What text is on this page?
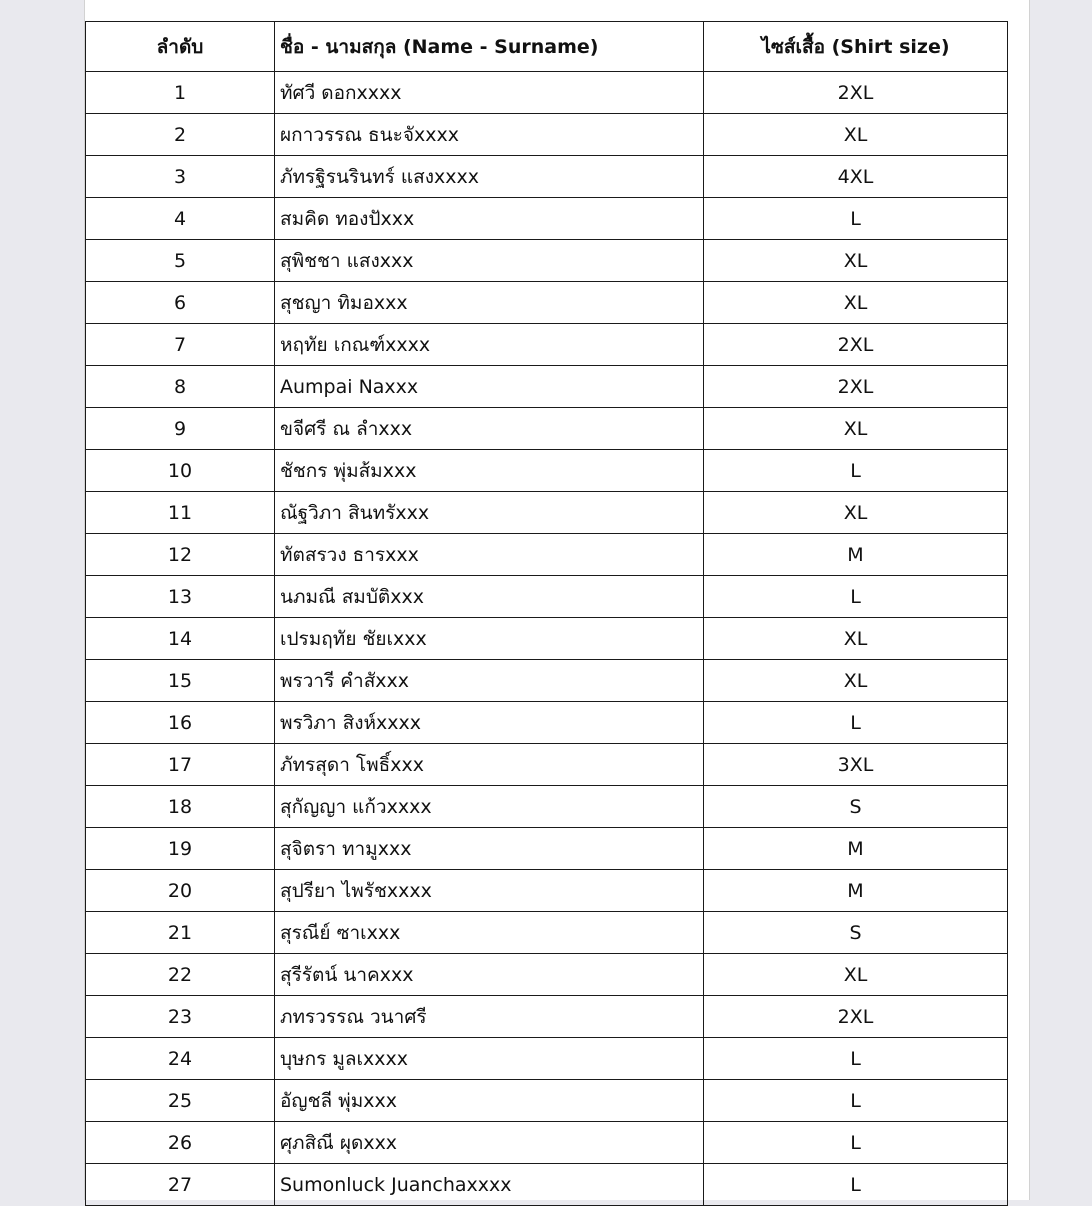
ลำดับ	ชื่อ - นามสกุล (Name - Surname)	ไซส์เสื้อ (Shirt size)
1	ทัศวี ดอกxxxx	2XL
2	ผกาวรรณ ธนะจัxxxx	XL
3	ภัทรฐิรนรินทร์ แสงxxxx	4XL
4	สมคิด ทองปัxxx	L
5	สุพิชชา แสงxxx	XL
6	สุชญา ทิมอxxx	XL
7	หฤทัย เกณฑ์xxxx	2XL
8	Aumpai Naxxx	2XL
9	ขจีศรี ณ ลำxxx	XL
10	ชัชกร พุ่มส้มxxx	L
11	ณัฐวิภา สินทรัxxx	XL
12	ทัตสรวง ธารxxx	M
13	นภมณี สมบัติxxx	L
14	เปรมฤทัย ชัยเxxx	XL
15	พรวารี คำสัxxx	XL
16	พรวิภา สิงห์xxxx	L
17	ภัทรสุดา โพธิ์xxx	3XL
18	สุกัญญา แก้วxxxx	S
19	สุจิตรา ทามูxxx	M
20	สุปรียา ไพรัชxxxx	M
21	สุรณีย์ ซาเxxx	S
22	สุรีรัตน์ นาคxxx	XL
23	ภทรวรรณ วนาศรี	2XL
24	บุษกร มูลเxxxx	L
25	อัญชลี พุ่มxxx	L
26	ศุภสิณี ผุดxxx	L
27	Sumonluck Juanchaxxxx	L
